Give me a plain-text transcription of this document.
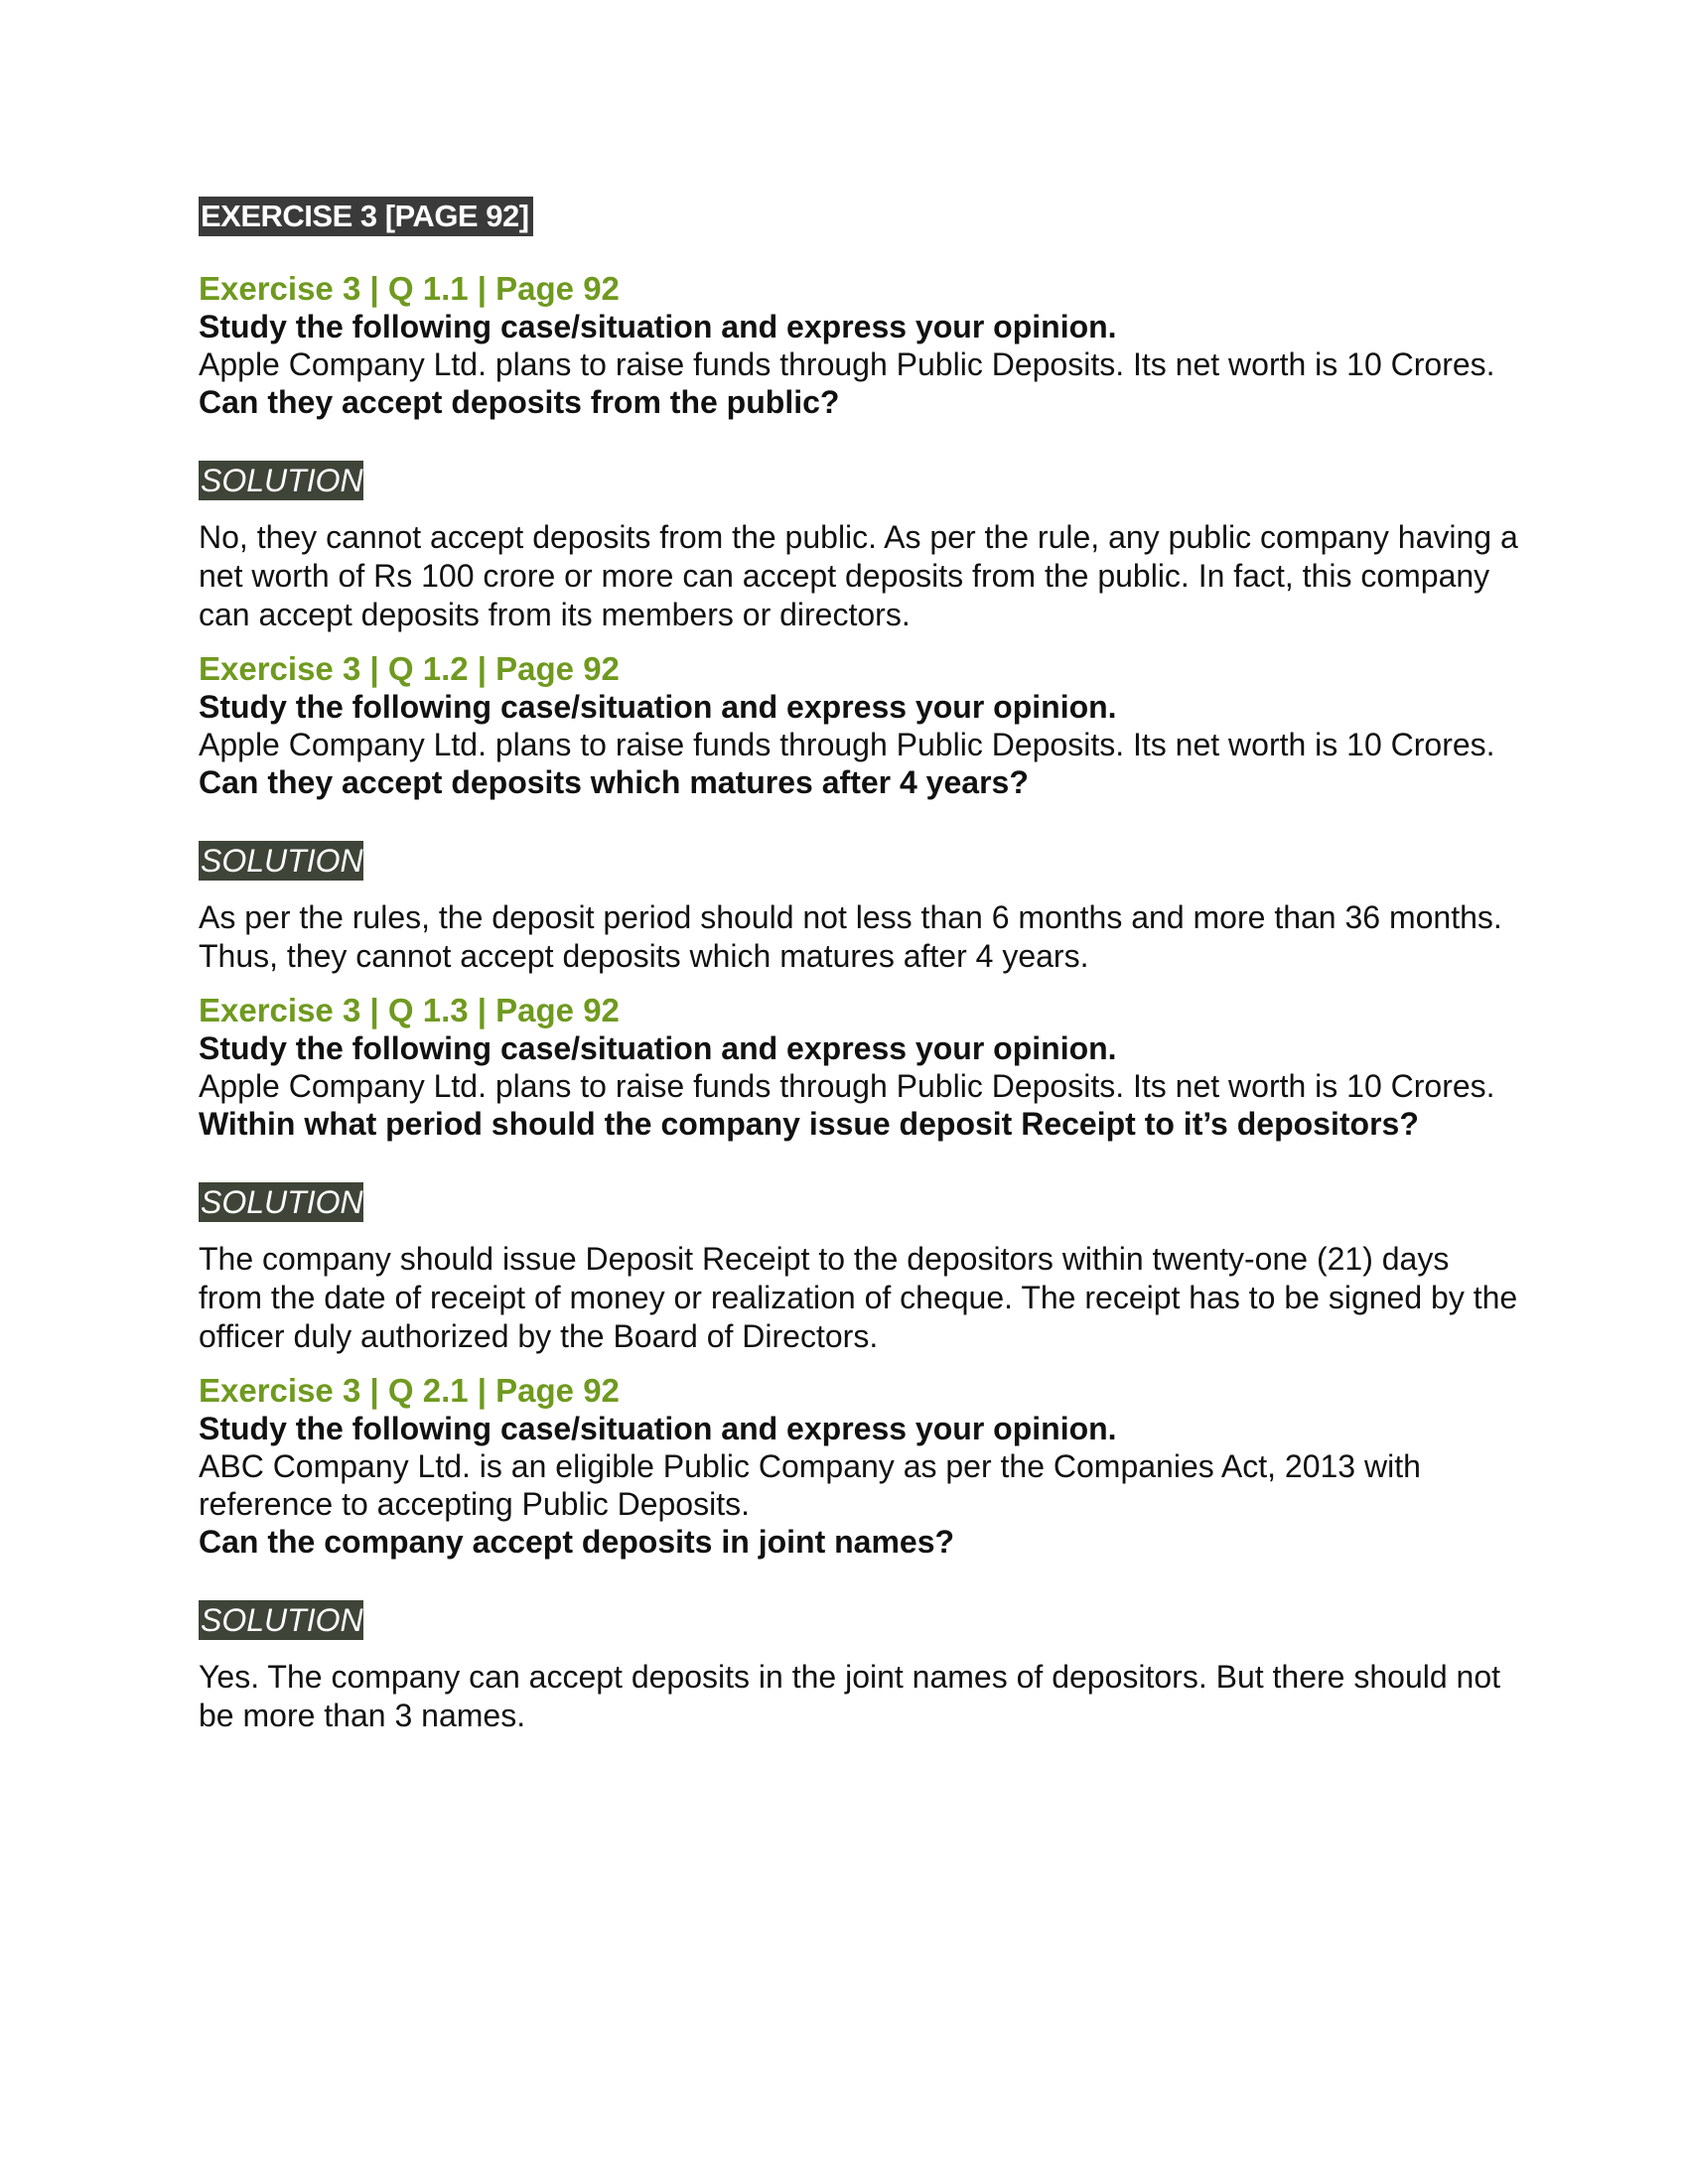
EXERCISE 3 [PAGE 92]

Exercise 3 | Q 1.1 | Page 92

Study the following case/situation and express your opinion.

Apple Company Ltd. plans to raise funds through Public Deposits. Its net worth is 10 Crores.

Can they accept deposits from the public?

SOLUTION

No, they cannot accept deposits from the public. As per the rule, any public company having a net worth of Rs 100 crore or more can accept deposits from the public. In fact, this company can accept deposits from its members or directors.

Exercise 3 | Q 1.2 | Page 92

Study the following case/situation and express your opinion.

Apple Company Ltd. plans to raise funds through Public Deposits. Its net worth is 10 Crores.

Can they accept deposits which matures after 4 years?

SOLUTION

As per the rules, the deposit period should not less than 6 months and more than 36 months. Thus, they cannot accept deposits which matures after 4 years.

Exercise 3 | Q 1.3 | Page 92

Study the following case/situation and express your opinion.

Apple Company Ltd. plans to raise funds through Public Deposits. Its net worth is 10 Crores.

Within what period should the company issue deposit Receipt to it’s depositors?

SOLUTION

The company should issue Deposit Receipt to the depositors within twenty-one (21) days from the date of receipt of money or realization of cheque. The receipt has to be signed by the officer duly authorized by the Board of Directors.

Exercise 3 | Q 2.1 | Page 92

Study the following case/situation and express your opinion.

ABC Company Ltd. is an eligible Public Company as per the Companies Act, 2013 with reference to accepting Public Deposits.

Can the company accept deposits in joint names?

SOLUTION

Yes. The company can accept deposits in the joint names of depositors. But there should not be more than 3 names.
